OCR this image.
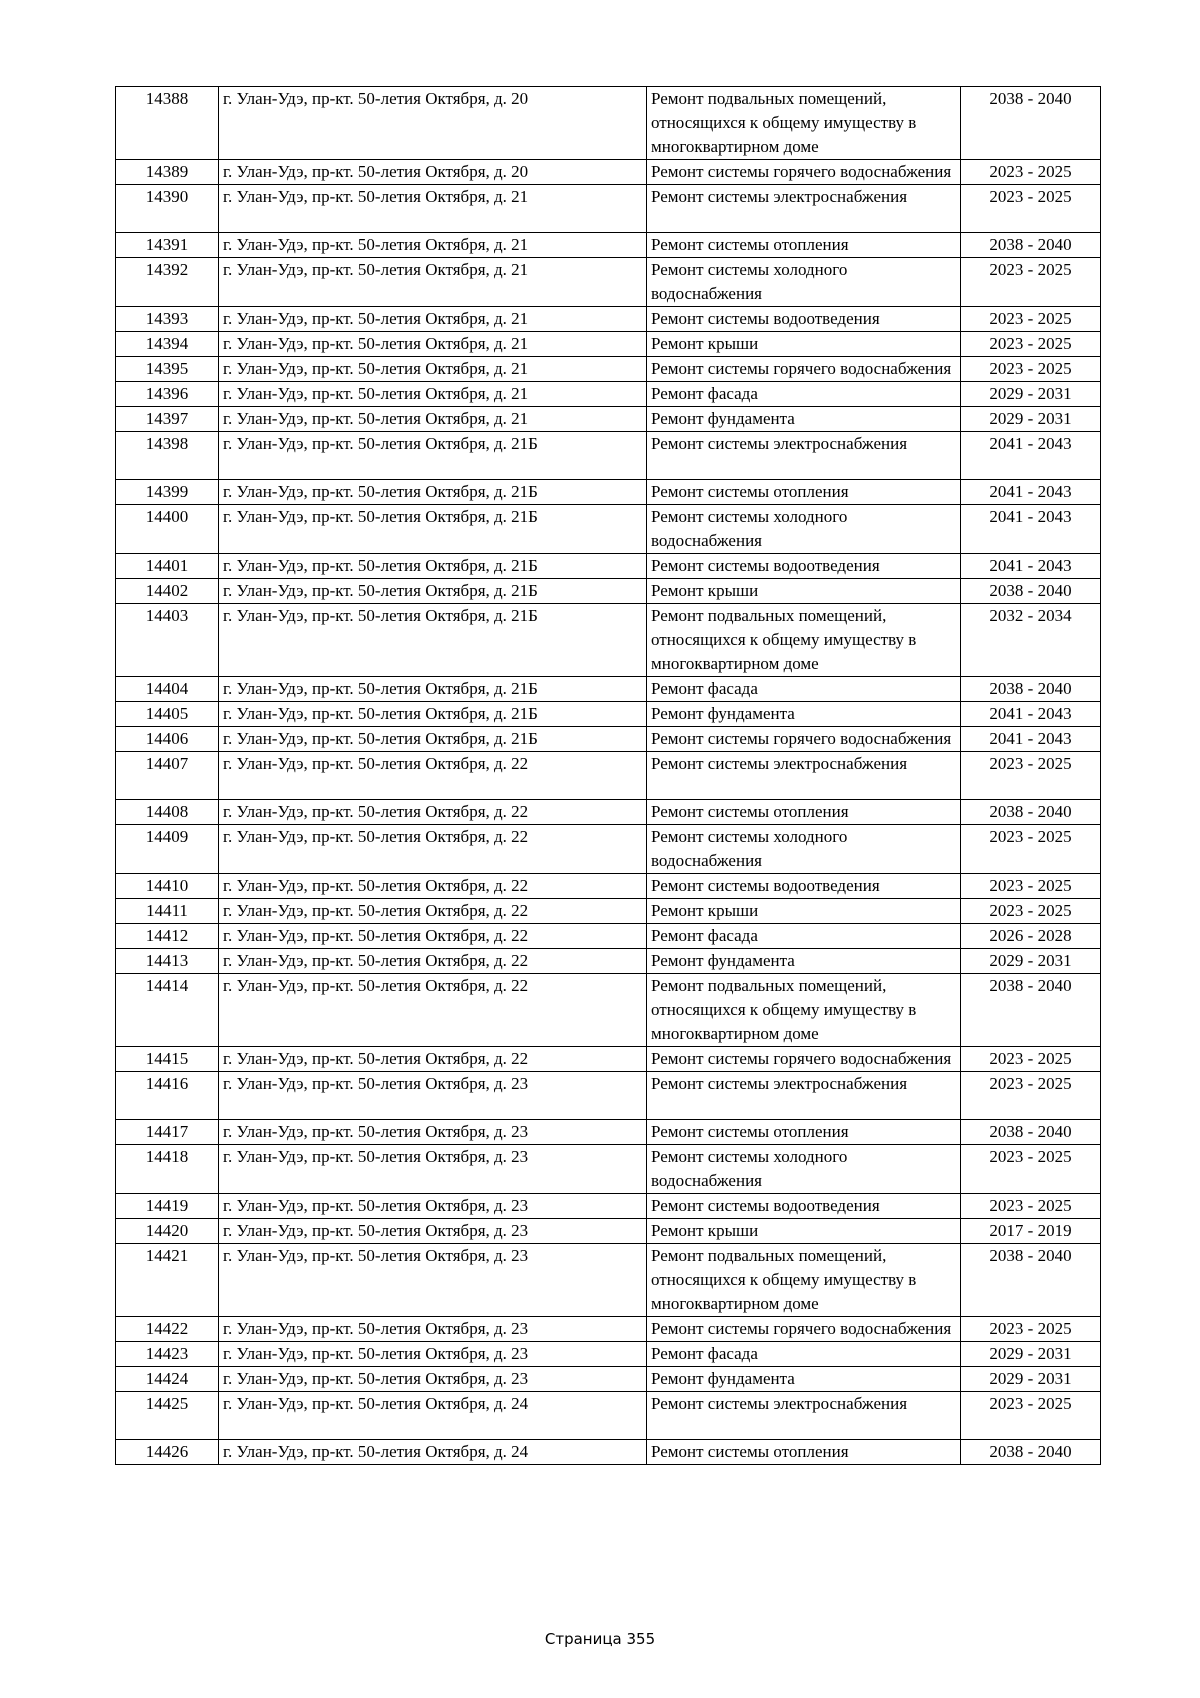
14388	г. Улан-Удэ, пр-кт. 50-летия Октября, д. 20	Ремонт подвальных помещений, относящихся к общему имуществу в многоквартирном доме	2038 - 2040
14389	г. Улан-Удэ, пр-кт. 50-летия Октября, д. 20	Ремонт системы горячего водоснабжения	2023 - 2025
14390	г. Улан-Удэ, пр-кт. 50-летия Октября, д. 21	Ремонт системы электроснабжения	2023 - 2025
14391	г. Улан-Удэ, пр-кт. 50-летия Октября, д. 21	Ремонт системы отопления	2038 - 2040
14392	г. Улан-Удэ, пр-кт. 50-летия Октября, д. 21	Ремонт системы холодного водоснабжения	2023 - 2025
14393	г. Улан-Удэ, пр-кт. 50-летия Октября, д. 21	Ремонт системы водоотведения	2023 - 2025
14394	г. Улан-Удэ, пр-кт. 50-летия Октября, д. 21	Ремонт крыши	2023 - 2025
14395	г. Улан-Удэ, пр-кт. 50-летия Октября, д. 21	Ремонт системы горячего водоснабжения	2023 - 2025
14396	г. Улан-Удэ, пр-кт. 50-летия Октября, д. 21	Ремонт фасада	2029 - 2031
14397	г. Улан-Удэ, пр-кт. 50-летия Октября, д. 21	Ремонт фундамента	2029 - 2031
14398	г. Улан-Удэ, пр-кт. 50-летия Октября, д. 21Б	Ремонт системы электроснабжения	2041 - 2043
14399	г. Улан-Удэ, пр-кт. 50-летия Октября, д. 21Б	Ремонт системы отопления	2041 - 2043
14400	г. Улан-Удэ, пр-кт. 50-летия Октября, д. 21Б	Ремонт системы холодного водоснабжения	2041 - 2043
14401	г. Улан-Удэ, пр-кт. 50-летия Октября, д. 21Б	Ремонт системы водоотведения	2041 - 2043
14402	г. Улан-Удэ, пр-кт. 50-летия Октября, д. 21Б	Ремонт крыши	2038 - 2040
14403	г. Улан-Удэ, пр-кт. 50-летия Октября, д. 21Б	Ремонт подвальных помещений, относящихся к общему имуществу в многоквартирном доме	2032 - 2034
14404	г. Улан-Удэ, пр-кт. 50-летия Октября, д. 21Б	Ремонт фасада	2038 - 2040
14405	г. Улан-Удэ, пр-кт. 50-летия Октября, д. 21Б	Ремонт фундамента	2041 - 2043
14406	г. Улан-Удэ, пр-кт. 50-летия Октября, д. 21Б	Ремонт системы горячего водоснабжения	2041 - 2043
14407	г. Улан-Удэ, пр-кт. 50-летия Октября, д. 22	Ремонт системы электроснабжения	2023 - 2025
14408	г. Улан-Удэ, пр-кт. 50-летия Октября, д. 22	Ремонт системы отопления	2038 - 2040
14409	г. Улан-Удэ, пр-кт. 50-летия Октября, д. 22	Ремонт системы холодного водоснабжения	2023 - 2025
14410	г. Улан-Удэ, пр-кт. 50-летия Октября, д. 22	Ремонт системы водоотведения	2023 - 2025
14411	г. Улан-Удэ, пр-кт. 50-летия Октября, д. 22	Ремонт крыши	2023 - 2025
14412	г. Улан-Удэ, пр-кт. 50-летия Октября, д. 22	Ремонт фасада	2026 - 2028
14413	г. Улан-Удэ, пр-кт. 50-летия Октября, д. 22	Ремонт фундамента	2029 - 2031
14414	г. Улан-Удэ, пр-кт. 50-летия Октября, д. 22	Ремонт подвальных помещений, относящихся к общему имуществу в многоквартирном доме	2038 - 2040
14415	г. Улан-Удэ, пр-кт. 50-летия Октября, д. 22	Ремонт системы горячего водоснабжения	2023 - 2025
14416	г. Улан-Удэ, пр-кт. 50-летия Октября, д. 23	Ремонт системы электроснабжения	2023 - 2025
14417	г. Улан-Удэ, пр-кт. 50-летия Октября, д. 23	Ремонт системы отопления	2038 - 2040
14418	г. Улан-Удэ, пр-кт. 50-летия Октября, д. 23	Ремонт системы холодного водоснабжения	2023 - 2025
14419	г. Улан-Удэ, пр-кт. 50-летия Октября, д. 23	Ремонт системы водоотведения	2023 - 2025
14420	г. Улан-Удэ, пр-кт. 50-летия Октября, д. 23	Ремонт крыши	2017 - 2019
14421	г. Улан-Удэ, пр-кт. 50-летия Октября, д. 23	Ремонт подвальных помещений, относящихся к общему имуществу в многоквартирном доме	2038 - 2040
14422	г. Улан-Удэ, пр-кт. 50-летия Октября, д. 23	Ремонт системы горячего водоснабжения	2023 - 2025
14423	г. Улан-Удэ, пр-кт. 50-летия Октября, д. 23	Ремонт фасада	2029 - 2031
14424	г. Улан-Удэ, пр-кт. 50-летия Октября, д. 23	Ремонт фундамента	2029 - 2031
14425	г. Улан-Удэ, пр-кт. 50-летия Октября, д. 24	Ремонт системы электроснабжения	2023 - 2025
14426	г. Улан-Удэ, пр-кт. 50-летия Октября, д. 24	Ремонт системы отопления	2038 - 2040
Страница 355
